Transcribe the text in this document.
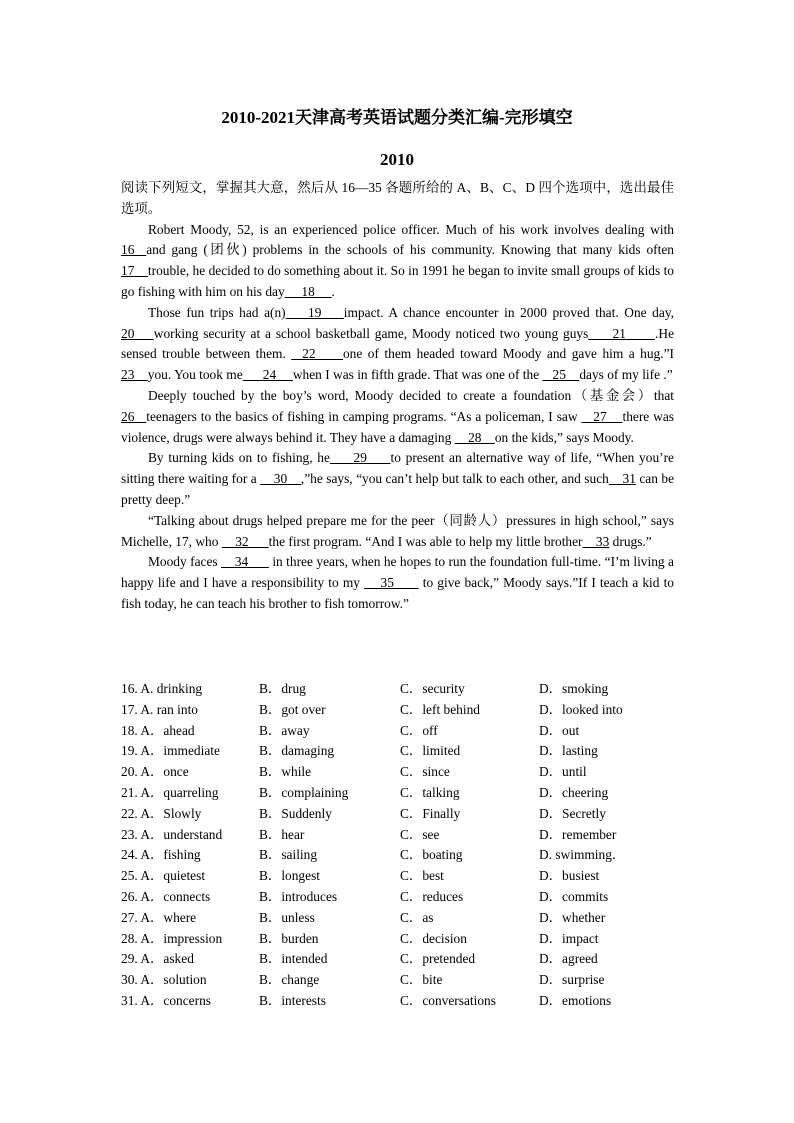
2010-2021天津高考英语试题分类汇编-完形填空
2010

阅读下列短文，掌握其大意，然后从 16—35 各题所给的 A、B、C、D 四个选项中，选出最佳选项。

Robert Moody, 52, is an experienced police officer. Much of his work involves dealing with 16  and gang (团伙) problems in the schools of his community. Knowing that many kids often 17    trouble, he decided to do something about it. So in 1991 he began to invite small groups of kids to go fishing with him on his day     18     .

Those fun trips had a(n)    19    impact. A chance encounter in 2000 proved that. One day, 20    working security at a school basketball game, Moody noticed two young guys     21      .He sensed trouble between them.   22     one of them headed toward Moody and gave him a hug.”I 23    you. You took me      24     when I was in fifth grade. That was one of the    25    days of my life .”

Deeply touched by the boy’s word, Moody decided to create a foundation（基金会）that 26   teenagers to the basics of fishing in camping programs. “As a policeman, I saw    27    there was violence, drugs were always behind it. They have a damaging     28    on the kids,” says Moody.

By turning kids on to fishing, he     29     to present an alternative way of life, “When you’re sitting there waiting for a     30    ,”he says, “you can’t help but talk to each other, and such    31 can be pretty deep.”

“Talking about drugs helped prepare me for the peer（同龄人）pressures in high school,” says Michelle, 17, who     32      the first program. “And I was able to help my little brother    33 drugs.”

Moody faces     34       in three years, when he hopes to run the foundation full-time. “I’m living a happy life and I have a responsibility to my     35       to give back,” Moody says.”If I teach a kid to fish today, he can teach his brother to fish tomorrow.”

16. A. drinking	B．drug	C．security	D．smoking
17. A. ran into	B．got over	C．left behind	D．looked into
18. A．ahead	B．away	C．off	D．out
19. A．immediate	B．damaging	C．limited	D．lasting
20. A．once	B．while	C．since	D．until
21. A．quarreling	B．complaining	C．talking	D．cheering
22. A．Slowly	B．Suddenly	C．Finally	D．Secretly
23. A．understand	B．hear	C．see	D．remember
24. A．fishing	B．sailing	C．boating	D. swimming．
25. A．quietest	B．longest	C．best	D．busiest
26. A．connects	B．introduces	C．reduces	D．commits
27. A．where	B．unless	C．as	D．whether
28. A．impression	B．burden	C．decision	D．impact
29. A．asked	B．intended	C．pretended	D．agreed
30. A．solution	B．change	C．bite	D．surprise
31. A．concerns	B．interests	C．conversations	D．emotions
